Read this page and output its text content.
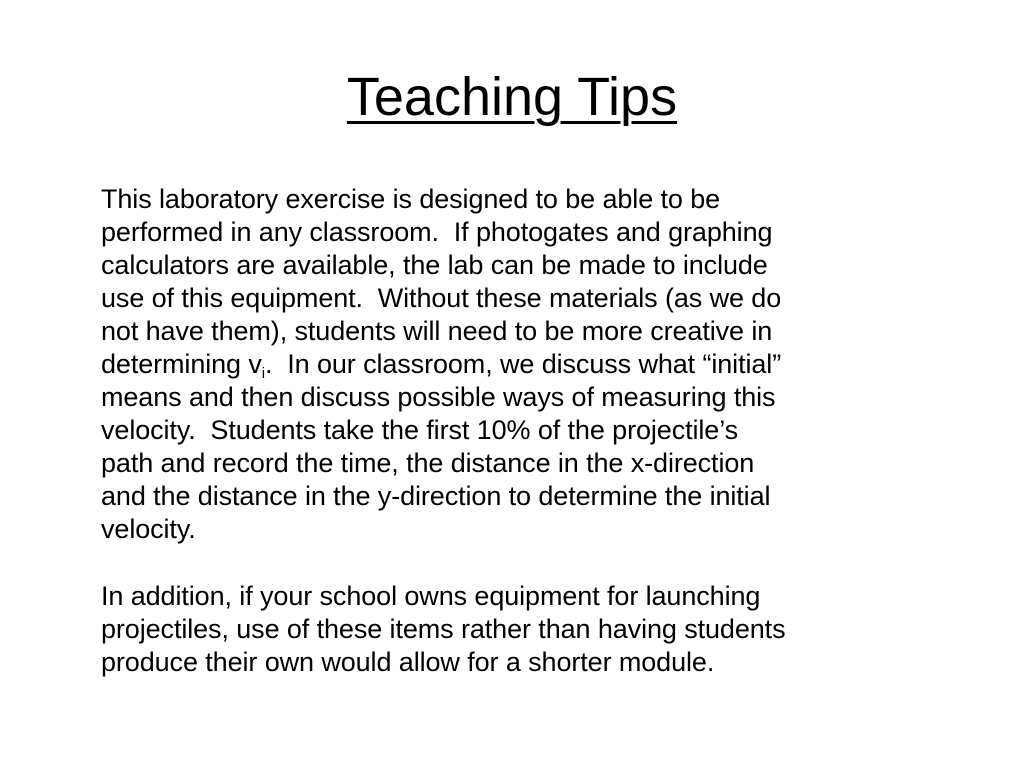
Teaching Tips

This laboratory exercise is designed to be able to be
performed in any classroom.  If photogates and graphing
calculators are available, the lab can be made to include
use of this equipment.  Without these materials (as we do
not have them), students will need to be more creative in
determining $v_i$.  In our classroom, we discuss what “initial”
means and then discuss possible ways of measuring this
velocity.  Students take the first 10% of the projectile’s
path and record the time, the distance in the x-direction
and the distance in the y-direction to determine the initial
velocity.

In addition, if your school owns equipment for launching
projectiles, use of these items rather than having students
produce their own would allow for a shorter module.
